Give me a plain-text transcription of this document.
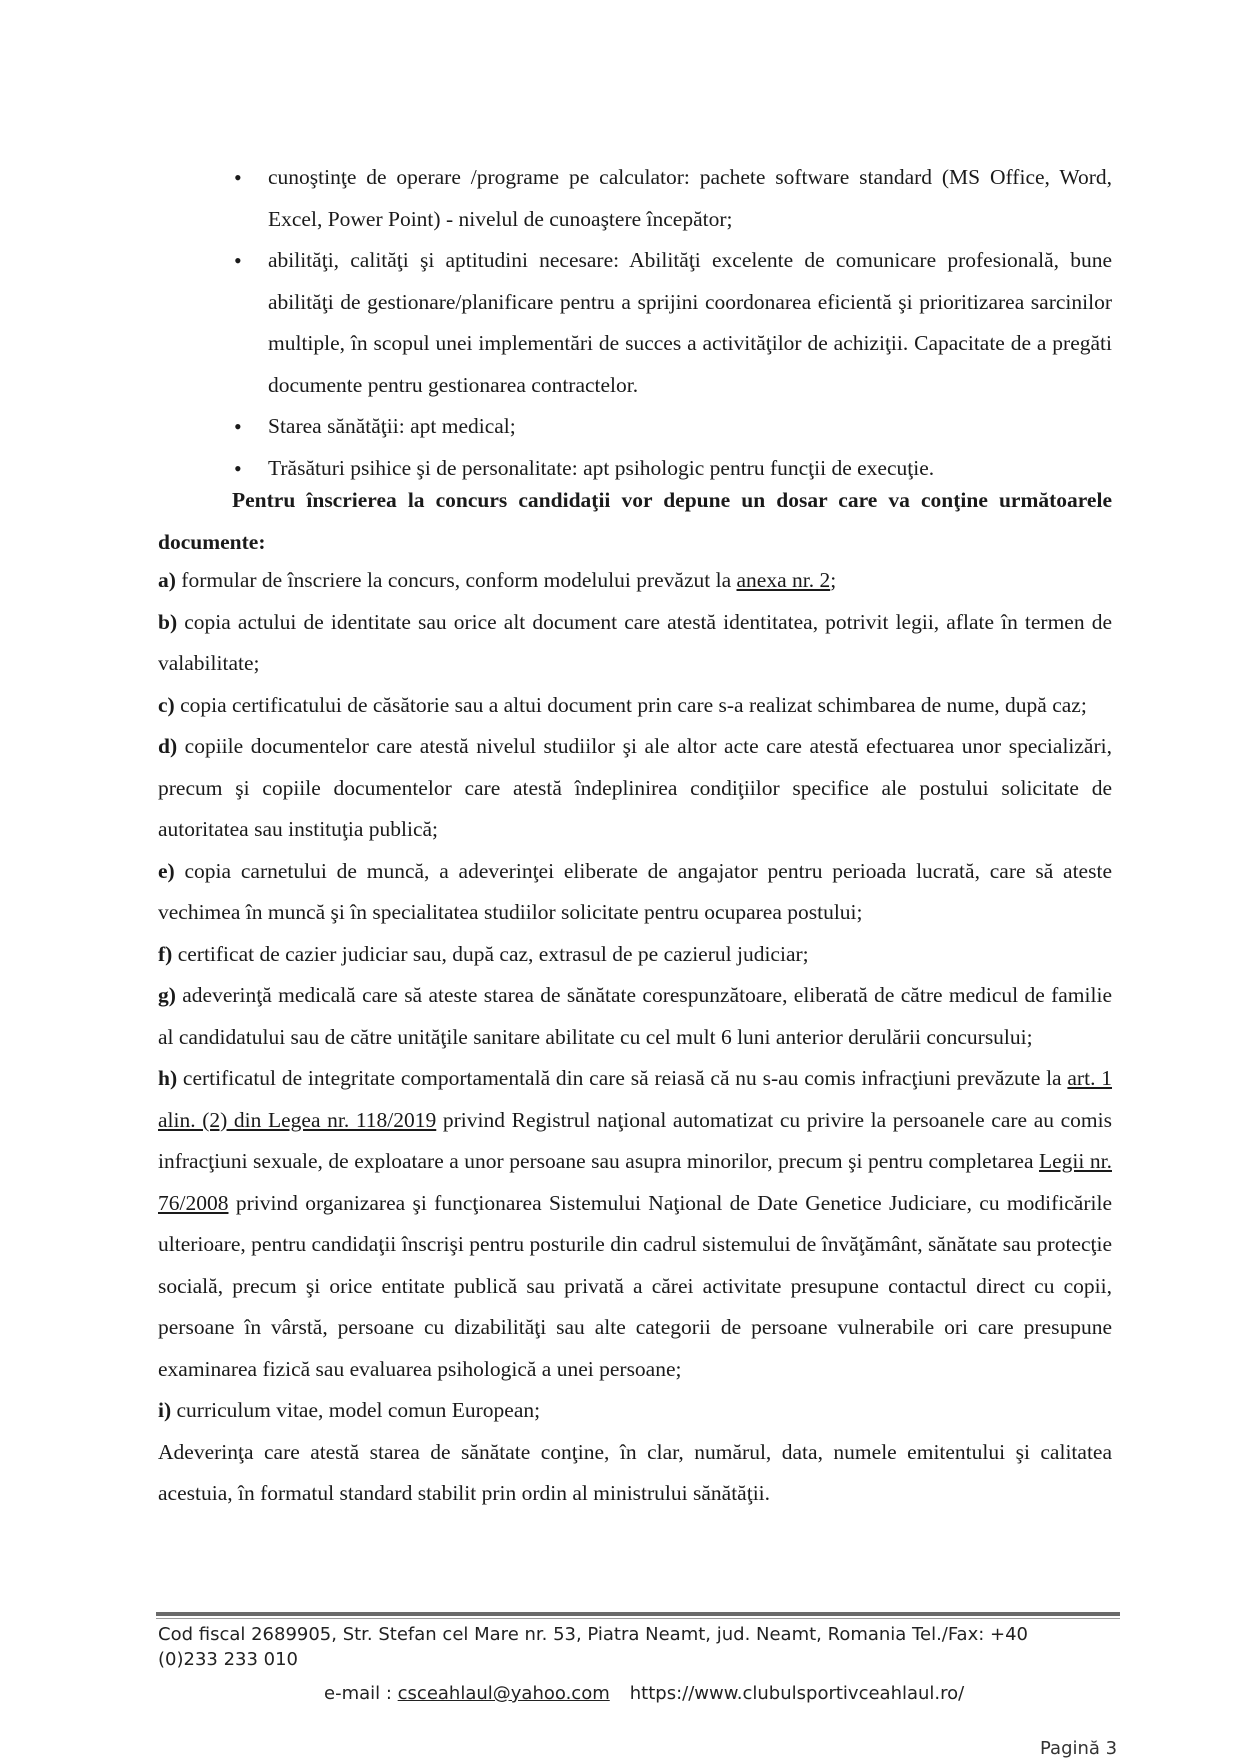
• cunoştinţe de operare /programe pe calculator: pachete software standard (MS Office, Word, Excel, Power Point) - nivelul de cunoaştere începător;
• abilităţi, calităţi şi aptitudini necesare: Abilităţi excelente de comunicare profesională, bune abilităţi de gestionare/planificare pentru a sprijini coordonarea eficientă şi prioritizarea sarcinilor multiple, în scopul unei implementări de succes a activităţilor de achiziţii. Capacitate de a pregăti documente pentru gestionarea contractelor.
• Starea sănătăţii: apt medical;
• Trăsături psihice şi de personalitate: apt psihologic pentru funcţii de execuţie.

Pentru înscrierea la concurs candidaţii vor depune un dosar care va conţine următoarele documente:

a) formular de înscriere la concurs, conform modelului prevăzut la anexa nr. 2;

b) copia actului de identitate sau orice alt document care atestă identitatea, potrivit legii, aflate în termen de valabilitate;

c) copia certificatului de căsătorie sau a altui document prin care s-a realizat schimbarea de nume, după caz;

d) copiile documentelor care atestă nivelul studiilor şi ale altor acte care atestă efectuarea unor specializări, precum şi copiile documentelor care atestă îndeplinirea condiţiilor specifice ale postului solicitate de autoritatea sau instituţia publică;

e) copia carnetului de muncă, a adeverinţei eliberate de angajator pentru perioada lucrată, care să ateste vechimea în muncă şi în specialitatea studiilor solicitate pentru ocuparea postului;

f) certificat de cazier judiciar sau, după caz, extrasul de pe cazierul judiciar;

g) adeverinţă medicală care să ateste starea de sănătate corespunzătoare, eliberată de către medicul de familie al candidatului sau de către unităţile sanitare abilitate cu cel mult 6 luni anterior derulării concursului;

h) certificatul de integritate comportamentală din care să reiasă că nu s-au comis infracţiuni prevăzute la art. 1 alin. (2) din Legea nr. 118/2019 privind Registrul naţional automatizat cu privire la persoanele care au comis infracţiuni sexuale, de exploatare a unor persoane sau asupra minorilor, precum şi pentru completarea Legii nr. 76/2008 privind organizarea şi funcţionarea Sistemului Naţional de Date Genetice Judiciare, cu modificările ulterioare, pentru candidaţii înscrişi pentru posturile din cadrul sistemului de învăţământ, sănătate sau protecţie socială, precum şi orice entitate publică sau privată a cărei activitate presupune contactul direct cu copii, persoane în vârstă, persoane cu dizabilităţi sau alte categorii de persoane vulnerabile ori care presupune examinarea fizică sau evaluarea psihologică a unei persoane;

i) curriculum vitae, model comun European;

Adeverinţa care atestă starea de sănătate conţine, în clar, numărul, data, numele emitentului şi calitatea acestuia, în formatul standard stabilit prin ordin al ministrului sănătăţii.

Cod fiscal 2689905, Str. Stefan cel Mare nr. 53, Piatra Neamt, jud. Neamt, Romania Tel./Fax: +40
(0)233 233 010
e-mail : csceahlaul@yahoo.com https://www.clubulsportivceahlaul.ro/
Pagină 3
